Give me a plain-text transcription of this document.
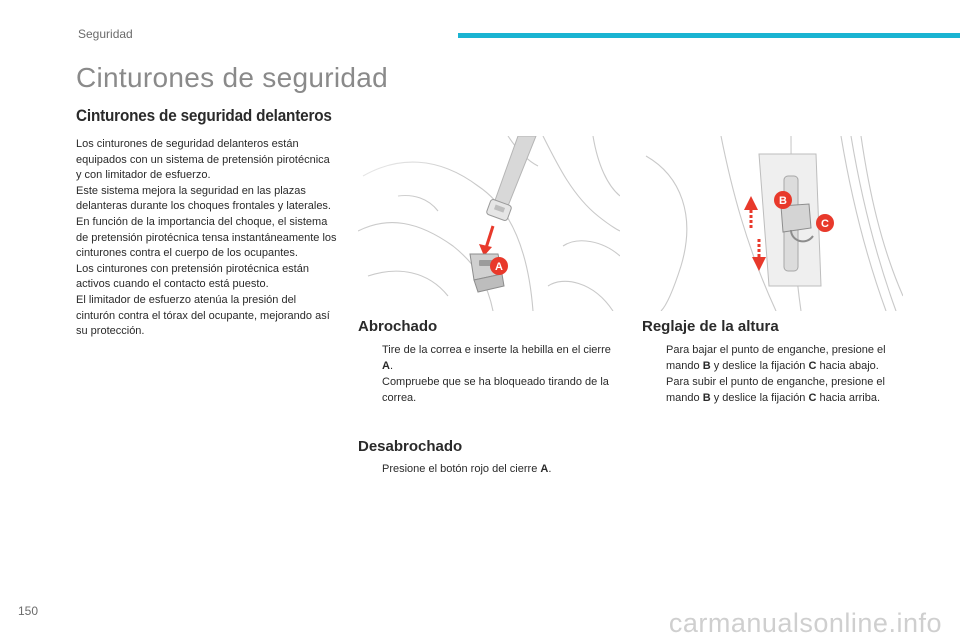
Seguridad
Cinturones de seguridad
Cinturones de seguridad delanteros

Los cinturones de seguridad delanteros están equipados con un sistema de pretensión pirotécnica y con limitador de esfuerzo.

Este sistema mejora la seguridad en las plazas delanteras durante los choques frontales y laterales. En función de la importancia del choque, el sistema de pretensión pirotécnica tensa instantáneamente los cinturones contra el cuerpo de los ocupantes.

Los cinturones con pretensión pirotécnica están activos cuando el contacto está puesto.

El limitador de esfuerzo atenúa la presión del cinturón contra el tórax del ocupante, mejorando así su protección.

B
C
Abrochado
Tire de la correa e inserte la hebilla en el cierre A.
Compruebe que se ha bloqueado tirando de la correa.
Desabrochado
Presione el botón rojo del cierre A.
Reglaje de la altura
Para bajar el punto de enganche, presione el mando B y deslice la fijación C hacia abajo.
Para subir el punto de enganche, presione el mando B y deslice la fijación C hacia arriba.
150	carmanualsonline.info
